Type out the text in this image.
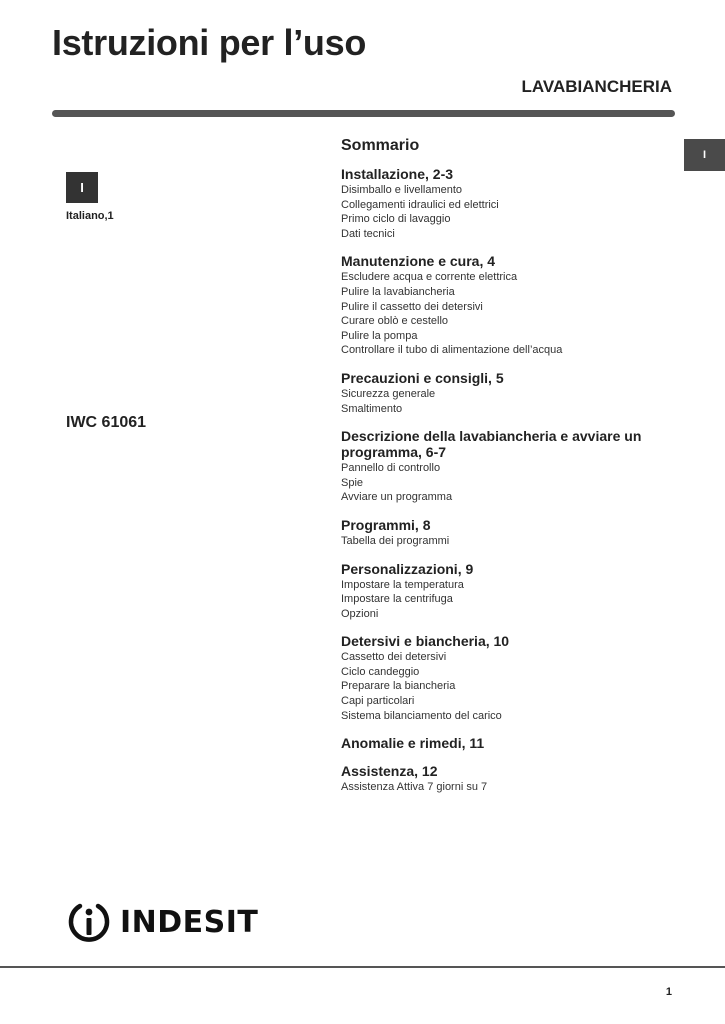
Istruzioni per l’uso
LAVABIANCHERIA
I
I
Italiano,1
IWC 61061
Sommario
Installazione, 2-3
Disimballo e livellamento
Collegamenti idraulici ed elettrici
Primo ciclo di lavaggio
Dati tecnici
Manutenzione e cura, 4
Escludere acqua e corrente elettrica
Pulire la lavabiancheria
Pulire il cassetto dei detersivi
Curare oblò e cestello
Pulire la pompa
Controllare il tubo di alimentazione dell’acqua
Precauzioni e consigli, 5
Sicurezza generale
Smaltimento
Descrizione della lavabiancheria e avviare un programma, 6-7
Pannello di controllo
Spie
Avviare un programma
Programmi, 8
Tabella dei programmi
Personalizzazioni, 9
Impostare la temperatura
Impostare la centrifuga
Opzioni
Detersivi e biancheria, 10
Cassetto dei detersivi
Ciclo candeggio
Preparare la biancheria
Capi particolari
Sistema bilanciamento del carico
Anomalie e rimedi, 11
Assistenza, 12
Assistenza Attiva 7 giorni su 7
INDESIT
1
